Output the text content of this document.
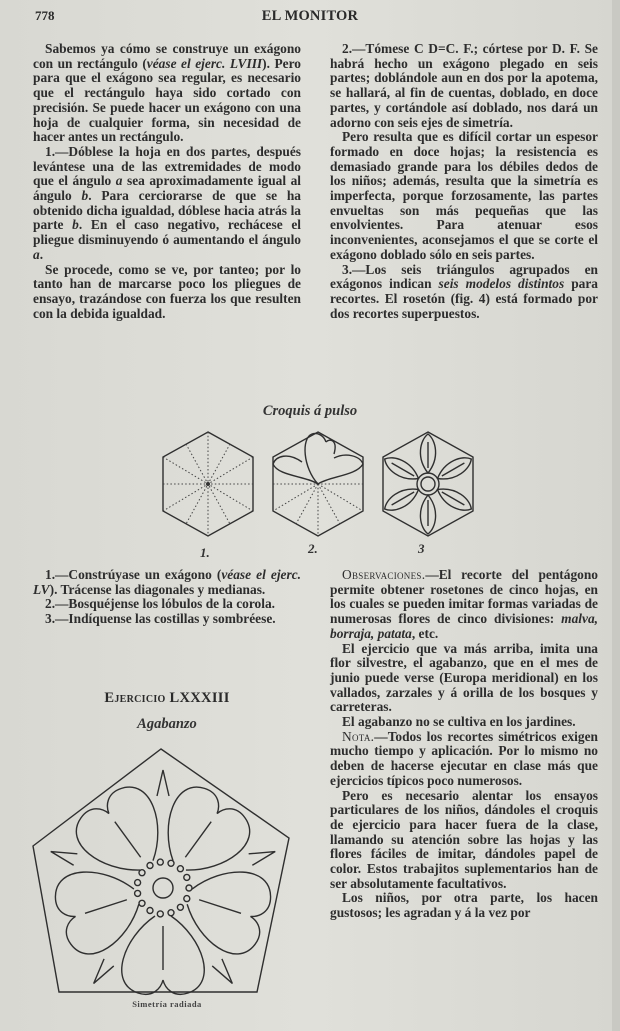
778	EL MONITOR

Sabemos ya cómo se construye un exágono con un rectángulo (véase el ejerc. LVIII). Pero para que el exágono sea regular, es necesario que el rectángulo haya sido cortado con precisión. Se puede hacer un exágono con una hoja de cualquier forma, sin necesidad de hacer antes un rectángulo.

1.—Dóblese la hoja en dos partes, después levántese una de las extremidades de modo que el ángulo a sea aproximadamente igual al ángulo b. Para cerciorarse de que se ha obtenido dicha igualdad, dóblese hacia atrás la parte b. En el caso negativo, rechácese el pliegue disminuyendo ó aumentando el ángulo a.

Se procede, como se ve, por tanteo; por lo tanto han de marcarse poco los pliegues de ensayo, trazándose con fuerza los que resulten con la debida igualdad.

2.—Tómese C D=C. F.; córtese por D. F. Se habrá hecho un exágono plegado en seis partes; doblándole aun en dos por la apotema, se hallará, al fin de cuentas, doblado, en doce partes, y cortándole así doblado, nos dará un adorno con seis ejes de simetría.

Pero resulta que es difícil cortar un espesor formado en doce hojas; la resistencia es demasiado grande para los débiles dedos de los niños; además, resulta que la simetría es imperfecta, porque forzosamente, las partes envueltas son más pequeñas que las envolvientes. Para atenuar esos inconvenientes, aconsejamos el que se corte el exágono doblado sólo en seis partes.

3.—Los seis triángulos agrupados en exágonos indican seis modelos distintos para recortes. El rosetón (fig. 4) está formado por dos recortes superpuestos.

Croquis á pulso
1.	2.	3

1.—Constrúyase un exágono (véase el ejerc. LV). Trácense las diagonales y medianas.

2.—Bosquéjense los lóbulos de la corola.

3.—Indíquense las costillas y sombréese.

Ejercicio LXXXIII
Agabanzo
Simetría radiada

Observaciones.—El recorte del pentágono permite obtener rosetones de cinco hojas, en los cuales se pueden imitar formas variadas de numerosas flores de cinco divisiones: malva, borraja, patata, etc.

El ejercicio que va más arriba, imita una flor silvestre, el agabanzo, que en el mes de junio puede verse (Europa meridional) en los vallados, zarzales y á orilla de los bosques y carreteras.

El agabanzo no se cultiva en los jardines.

Nota.—Todos los recortes simétricos exigen mucho tiempo y aplicación. Por lo mismo no deben de hacerse ejecutar en clase más que ejercicios típicos poco numerosos.

Pero es necesario alentar los ensayos particulares de los niños, dándoles el croquis de ejercicio para hacer fuera de la clase, llamando su atención sobre las hojas y las flores fáciles de imitar, dándoles papel de color. Estos trabajitos suplementarios han de ser absolutamente facultativos.

Los niños, por otra parte, los hacen gustosos; les agradan y á la vez por
